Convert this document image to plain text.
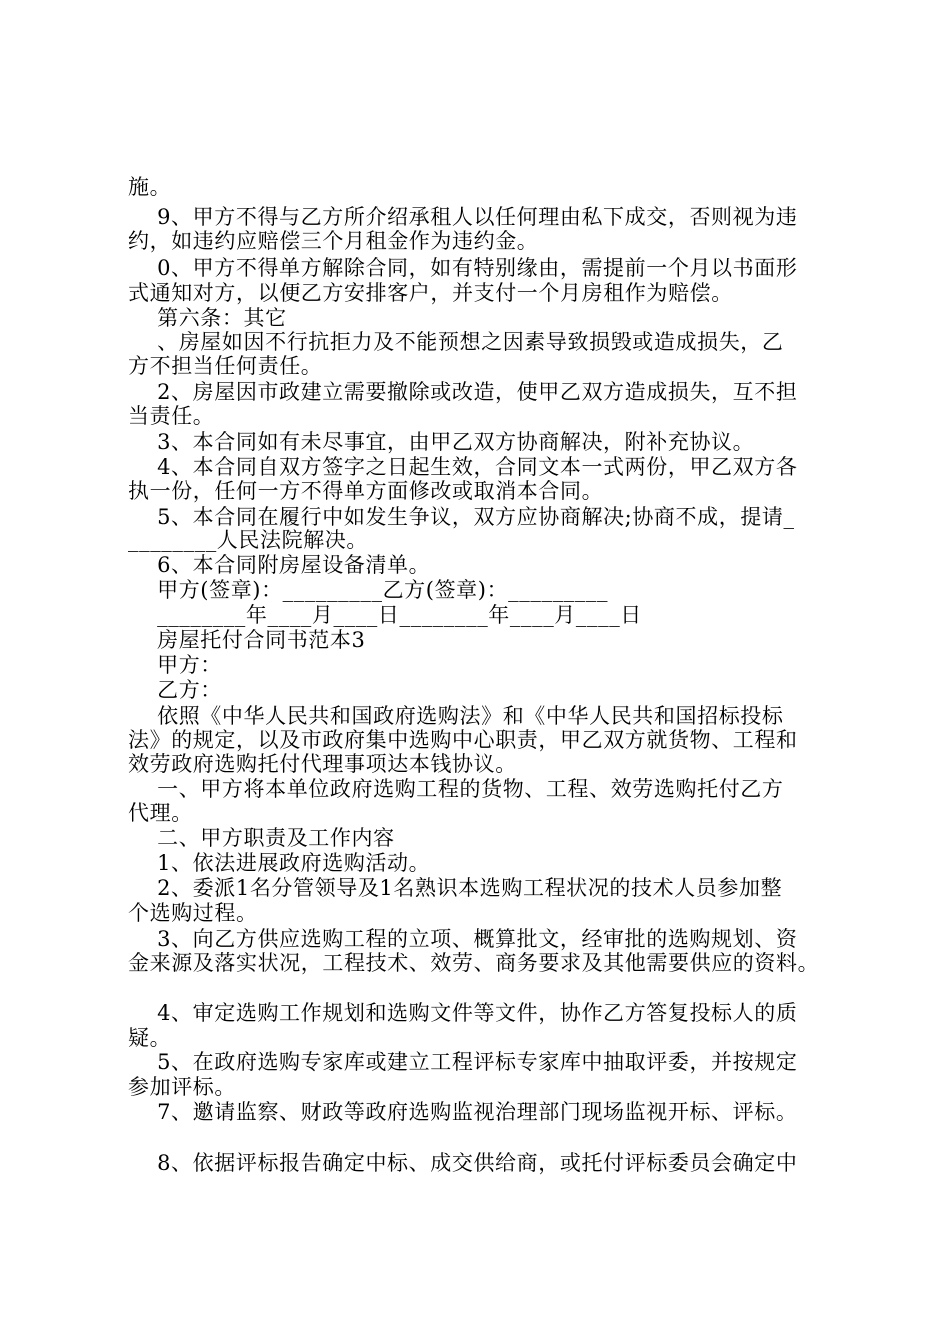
施。
9、甲方不得与乙方所介绍承租人以任何理由私下成交，否则视为违
约，如违约应赔偿三个月租金作为违约金。
0、甲方不得单方解除合同，如有特别缘由，需提前一个月以书面形
式通知对方，以便乙方安排客户，并支付一个月房租作为赔偿。
第六条：其它
、房屋如因不行抗拒力及不能预想之因素导致损毁或造成损失，乙
方不担当任何责任。
2、房屋因市政建立需要撤除或改造，使甲乙双方造成损失，互不担
当责任。
3、本合同如有未尽事宜，由甲乙双方协商解决，附补充协议。
4、本合同自双方签字之日起生效，合同文本一式两份，甲乙双方各
执一份，任何一方不得单方面修改或取消本合同。
5、本合同在履行中如发生争议，双方应协商解决;协商不成，提请_
________人民法院解决。
6、本合同附房屋设备清单。
甲方(签章)：_________乙方(签章)：_________
________年____月____日________年____月____日
房屋托付合同书范本3
甲方：
乙方：
依照《中华人民共和国政府选购法》和《中华人民共和国招标投标
法》的规定，以及市政府集中选购中心职责，甲乙双方就货物、工程和
效劳政府选购托付代理事项达本钱协议。
一、甲方将本单位政府选购工程的货物、工程、效劳选购托付乙方
代理。
二、甲方职责及工作内容
1、依法进展政府选购活动。
2、委派1名分管领导及1名熟识本选购工程状况的技术人员参加整
个选购过程。
3、向乙方供应选购工程的立项、概算批文，经审批的选购规划、资
金来源及落实状况，工程技术、效劳、商务要求及其他需要供应的资料。
4、审定选购工作规划和选购文件等文件，协作乙方答复投标人的质
疑。
5、在政府选购专家库或建立工程评标专家库中抽取评委，并按规定
参加评标。
7、邀请监察、财政等政府选购监视治理部门现场监视开标、评标。
8、依据评标报告确定中标、成交供给商，或托付评标委员会确定中
